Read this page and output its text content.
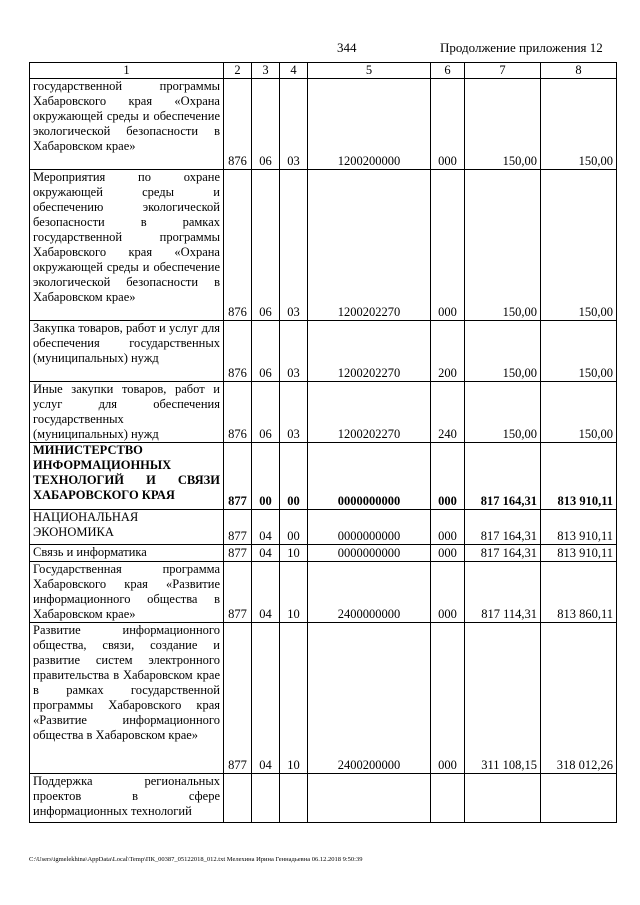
344	Продолжение приложения 12
1	2	3	4	5	6	7	8
государственной программы Хабаровского края «Охрана окружающей среды и обеспечение экологической безопасности в Хабаровском крае»	876	06	03	1200200000	000	150,00	150,00
Мероприятия по охране окружающей среды и обеспечению экологической безопасности в рамках государственной программы Хабаровского края «Охрана окружающей среды и обеспечение экологической безопасности в Хабаровском крае»	876	06	03	1200202270	000	150,00	150,00
Закупка товаров, работ и услуг для обеспечения государственных (муниципальных) нужд	876	06	03	1200202270	200	150,00	150,00
Иные закупки товаров, работ и услуг для обеспечения государственных (муниципальных) нужд	876	06	03	1200202270	240	150,00	150,00
МИНИСТЕРСТВО ИНФОРМАЦИОННЫХ ТЕХНОЛОГИЙ И СВЯЗИ ХАБАРОВСКОГО КРАЯ	877	00	00	0000000000	000	817 164,31	813 910,11
НАЦИОНАЛЬНАЯ ЭКОНОМИКА	877	04	00	0000000000	000	817 164,31	813 910,11
Связь и информатика	877	04	10	0000000000	000	817 164,31	813 910,11
Государственная программа Хабаровского края «Развитие информационного общества в Хабаровском крае»	877	04	10	2400000000	000	817 114,31	813 860,11
Развитие информационного общества, связи, создание и развитие систем электронного правительства в Хабаровском крае в рамках государственной программы Хабаровского края «Развитие информационного общества в Хабаровском крае»	877	04	10	2400200000	000	311 108,15	318 012,26
Поддержка региональных проектов в сфере информационных технологий							
C:\Users\igmelekhina\AppData\Local\Temp\ПК_00387_05122018_012.txt Мелехина Ирина Геннадьевна 06.12.2018 9:50:39
